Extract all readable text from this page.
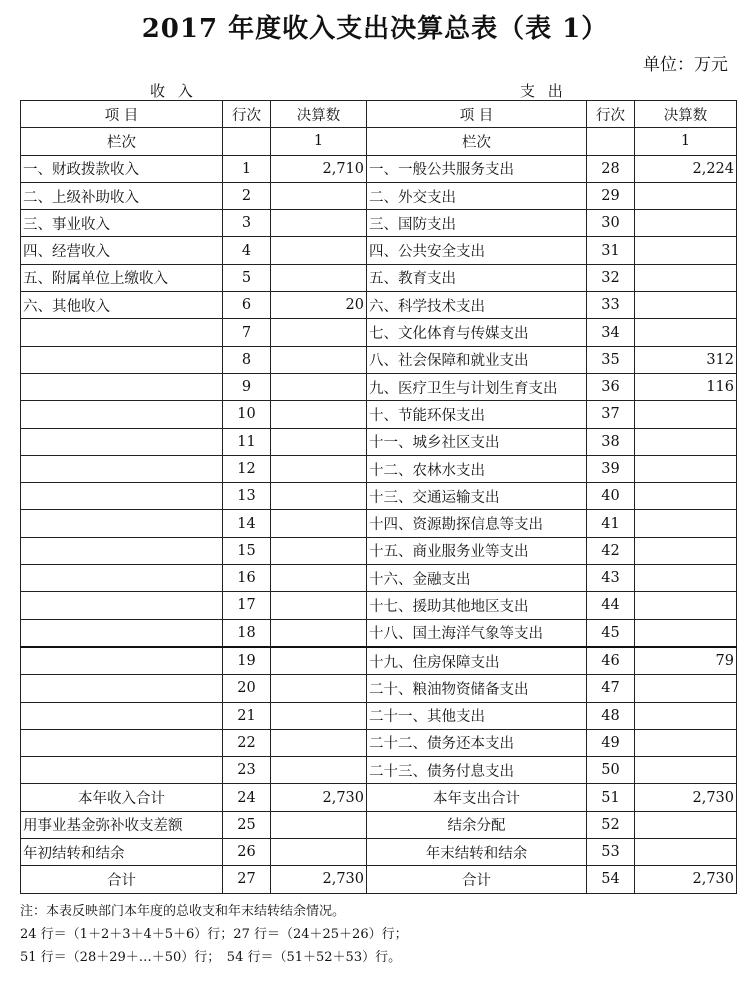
2017 年度收入支出决算总表（表 1）
单位：万元
收 入	支 出
项 目	行次	决算数	项 目	行次	决算数
栏次		1	栏次		1
一、财政拨款收入	1	2,710	一、一般公共服务支出	28	2,224
二、上级补助收入	2		二、外交支出	29	
三、事业收入	3		三、国防支出	30	
四、经营收入	4		四、公共安全支出	31	
五、附属单位上缴收入	5		五、教育支出	32	
六、其他收入	6	20	六、科学技术支出	33	
	7		七、文化体育与传媒支出	34	
	8		八、社会保障和就业支出	35	312
	9		九、医疗卫生与计划生育支出	36	116
	10		十、节能环保支出	37	
	11		十一、城乡社区支出	38	
	12		十二、农林水支出	39	
	13		十三、交通运输支出	40	
	14		十四、资源勘探信息等支出	41	
	15		十五、商业服务业等支出	42	
	16		十六、金融支出	43	
	17		十七、援助其他地区支出	44	
	18		十八、国土海洋气象等支出	45	
	19		十九、住房保障支出	46	79
	20		二十、粮油物资储备支出	47	
	21		二十一、其他支出	48	
	22		二十二、债务还本支出	49	
	23		二十三、债务付息支出	50	
本年收入合计	24	2,730	本年支出合计	51	2,730
用事业基金弥补收支差额	25		结余分配	52	
年初结转和结余	26		年末结转和结余	53	
合计	27	2,730	合计	54	2,730
注：本表反映部门本年度的总收支和年末结转结余情况。
24 行＝（1＋2＋3＋4＋5＋6）行；27 行＝（24＋25＋26）行；
51 行＝（28＋29＋…＋50）行；　54 行＝（51＋52＋53）行。
